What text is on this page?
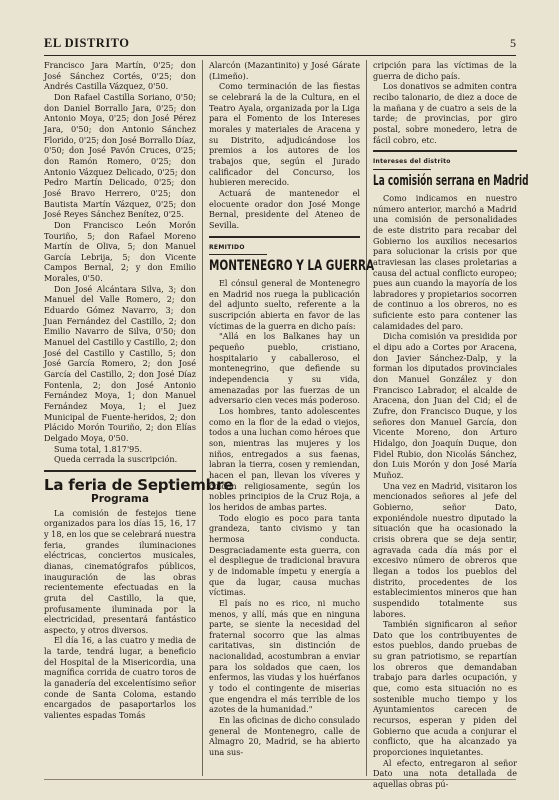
EL DISTRITO	5

Francisco Jara Martín, 0'25; don José Sánchez Cortés, 0'25; don Andrés Castilla Vázquez, 0'50.

Don Rafael Castilla Soriano, 0'50; don Daniel Borrallo Jara, 0'25; don Antonio Moya, 0'25; don José Pérez Jara, 0'50; don Antonio Sánchez Florido, 0'25; don José Borrallo Díaz, 0'50; don José Pavón Cruces, 0'25; don Ramón Romero, 0'25; don Antonio Vázquez Delicado, 0'25; don Pedro Martín Delicado, 0'25; don José Bravo Herrero, 0'25; don Bautista Martín Vázquez, 0'25; don José Reyes Sánchez Benítez, 0'25.

Don Francisco León Morón Touriño, 5; don Rafael Moreno Martín de Oliva, 5; don Manuel García Lebrija, 5; don Vicente Campos Bernal, 2; y don Emilio Morales, 0'50.

Don José Alcántara Silva, 3; don Manuel del Valle Romero, 2; don Eduardo Gómez Navarro, 3; don Juan Fernández del Castillo, 2; don Emilio Navarro de Silva, 0'50; don Manuel del Castillo y Castillo, 2; don José del Castillo y Castillo, 5; don José García Romero, 2; don José García del Castillo, 2; don José Díaz Fontenla, 2; don José Antonio Fernández Moya, 1; don Manuel Fernández Moya, 1; el Juez Municipal de Fuente-heridos, 2; don Plácido Morón Touriño, 2; don Elías Delgado Moya, 0'50.

Suma total, 1.817'95.

Queda cerrada la suscripción.

La feria de Septiembre
Programa

La comisión de festejos tiene organizados para los días 15, 16, 17 y 18, en los que se celebrará nuestra feria, grandes iluminaciones eléctricas, conciertos musicales, dianas, cinematógrafos públicos, inauguración de las obras recientemente efectuadas en la gruta del Castillo, la que, profusamente iluminada por la electricidad, presentará fantástico aspecto, y otros diversos.

El día 16, a las cuatro y media de la tarde, tendrá lugar, a beneficio del Hospital de la Misericordia, una magnífica corrida de cuatro toros de la ganadería del excelentísimo señor conde de Santa Coloma, estando encargados de pasaportarlos los valientes espadas Tomás

Alarcón (Mazantinito) y José Gárate (Limeño).

Como terminación de las fiestas se celebrará la de la Cultura, en el Teatro Ayala, organizada por la Liga para el Fomento de los Intereses morales y materiales de Aracena y su Distrito, adjudicándose los premios a los autores de los trabajos que, según el Jurado calificador del Concurso, los hubieren merecido.

Actuará de mantenedor el elocuente orador don José Monge Bernal, presidente del Ateneo de Sevilla.

REMITIDO
MONTENEGRO Y LA GUERRA

El cónsul general de Montenegro en Madrid nos ruega la publicación del adjunto suelto, referente a la suscripción abierta en favor de las víctimas de la guerra en dicho país:

"Allá en los Balkanes hay un pequeño pueblo, cristiano, hospitalario y caballeroso, el montenegrino, que defiende su independencia y su vida, amenazadas por las fuerzas de un adversario cien veces más poderoso.

Los hombres, tanto adolescentes como en la flor de la edad o viejos, todos a una luchan como héroes que son, mientras las mujeres y los niños, entregados a sus faenas, labran la tierra, cosen y remiendan, hacen el pan, llevan los víveres y cuidan religiosamente, según los nobles principios de la Cruz Roja, a los heridos de ambas partes.

Todo elogio es poco para tanta grandeza, tanto civismo y tan hermosa conducta. Desgraciadamente esta guerra, con el despliegue de tradicional bravura y de indomable ímpetu y energía a que da lugar, causa muchas víctimas.

El país no es rico, ni mucho menos, y allí, más que en ninguna parte, se siente la necesidad del fraternal socorro que las almas caritativas, sin distinción de nacionalidad, acostumbran a enviar para los soldados que caen, los enfermos, las viudas y los huérfanos y todo el contingente de miserias que engendra el más terrible de los azotes de la humanidad."

En las oficinas de dicho consulado general de Montenegro, calle de Almagro 20, Madrid, se ha abierto una sus-

cripción para las víctimas de la guerra de dicho país.

Los donativos se admiten contra recibo talonario, de diez a doce de la mañana y de cuatro a seis de la tarde; de provincias, por giro postal, sobre monedero, letra de fácil cobro, etc.

Intereses del distrito
La comisión serrana en Madrid

Como indicamos en nuestro número anterior, marchó a Madrid una comisión de personalidades de este distrito para recabar del Gobierno los auxilios necesarios para solucionar la crisis por que atraviesan las clases proletarias a causa del actual conflicto europeo; pues aun cuando la mayoría de los labradores y propietarios socorren de continuo a los obreros, no es suficiente esto para contener las calamidades del paro.

Dicha comisión va presidida por el dipu ado a Cortes por Aracena, don Javier Sánchez-Dalp, y la forman los diputados provinciales don Manuel González y don Francisco Labrador, el alcalde de Aracena, don Juan del Cid; el de Zufre, don Francisco Duque, y los señores don Manuel García, don Vicente Moreno, don Arturo Hidalgo, don Joaquín Duque, don Fidel Rubio, don Nicolás Sánchez, don Luis Morón y don José María Muñoz.

Una vez en Madrid, visitaron los mencionados señores al jefe del Gobierno, señor Dato, exponiéndole nuestro diputado la situación que ha ocasionado la crisis obrera que se deja sentir, agravada cada día más por el excesivo número de obreros que llegan a todos los pueblos del distrito, procedentes de los establecimientos mineros que han suspendido totalmente sus labores.

También significaron al señor Dato que los contribuyentes de estos pueblos, dando pruebas de su gran patriotismo, se repartían los obreros que demandaban trabajo para darles ocupación, y que, como esta situación no es sostenible mucho tiempo y los Ayuntamientos carecen de recursos, esperan y piden del Gobierno que acuda a conjurar el conflicto, que ha alcanzado ya proporciones inquietantes.

Al efecto, entregaron al señor Dato una nota detallada de aquellas obras pú-
